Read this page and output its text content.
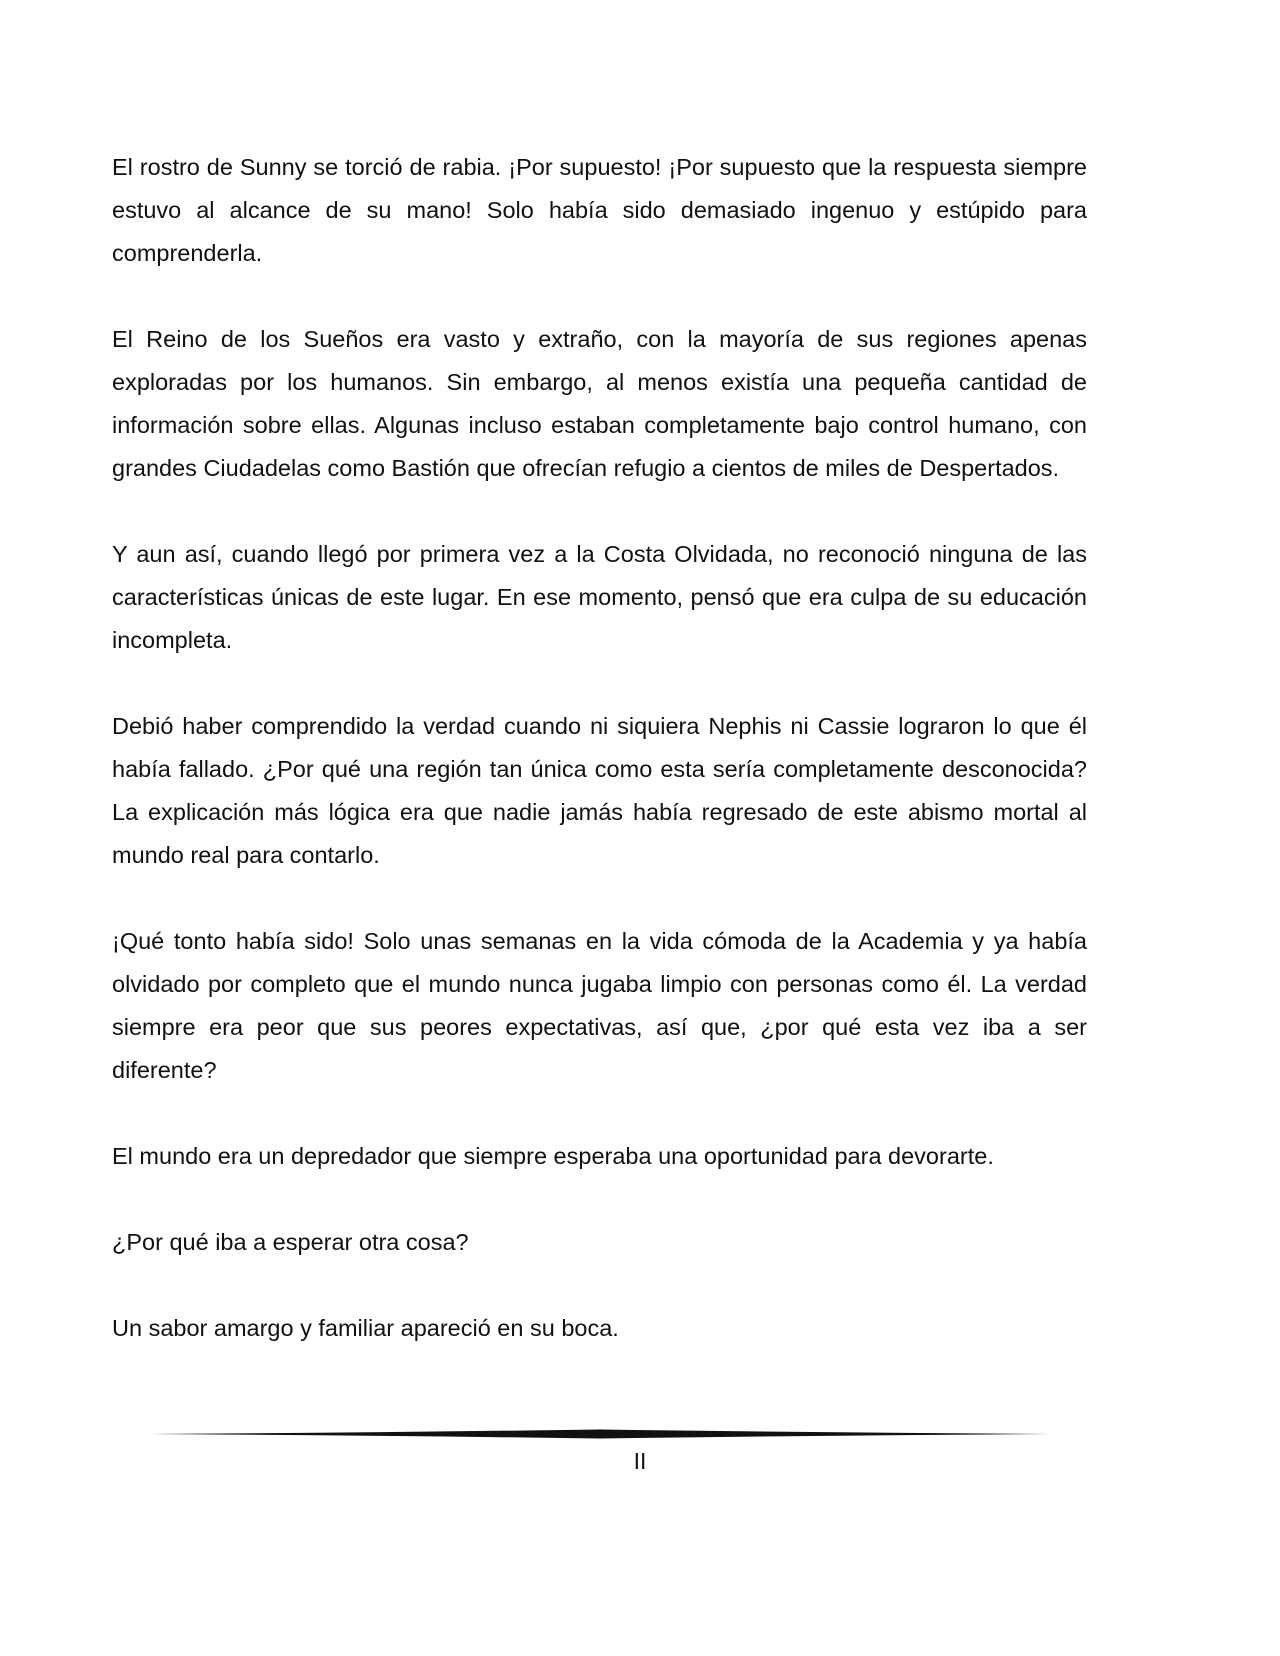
El rostro de Sunny se torció de rabia. ¡Por supuesto! ¡Por supuesto que la respuesta siempre estuvo al alcance de su mano! Solo había sido demasiado ingenuo y estúpido para comprenderla.

El Reino de los Sueños era vasto y extraño, con la mayoría de sus regiones apenas exploradas por los humanos. Sin embargo, al menos existía una pequeña cantidad de información sobre ellas. Algunas incluso estaban completamente bajo control humano, con grandes Ciudadelas como Bastión que ofrecían refugio a cientos de miles de Despertados.

Y aun así, cuando llegó por primera vez a la Costa Olvidada, no reconoció ninguna de las características únicas de este lugar. En ese momento, pensó que era culpa de su educación incompleta.

Debió haber comprendido la verdad cuando ni siquiera Nephis ni Cassie lograron lo que él había fallado. ¿Por qué una región tan única como esta sería completamente desconocida? La explicación más lógica era que nadie jamás había regresado de este abismo mortal al mundo real para contarlo.

¡Qué tonto había sido! Solo unas semanas en la vida cómoda de la Academia y ya había olvidado por completo que el mundo nunca jugaba limpio con personas como él. La verdad siempre era peor que sus peores expectativas, así que, ¿por qué esta vez iba a ser diferente?

El mundo era un depredador que siempre esperaba una oportunidad para devorarte.

¿Por qué iba a esperar otra cosa?

Un sabor amargo y familiar apareció en su boca.

II
